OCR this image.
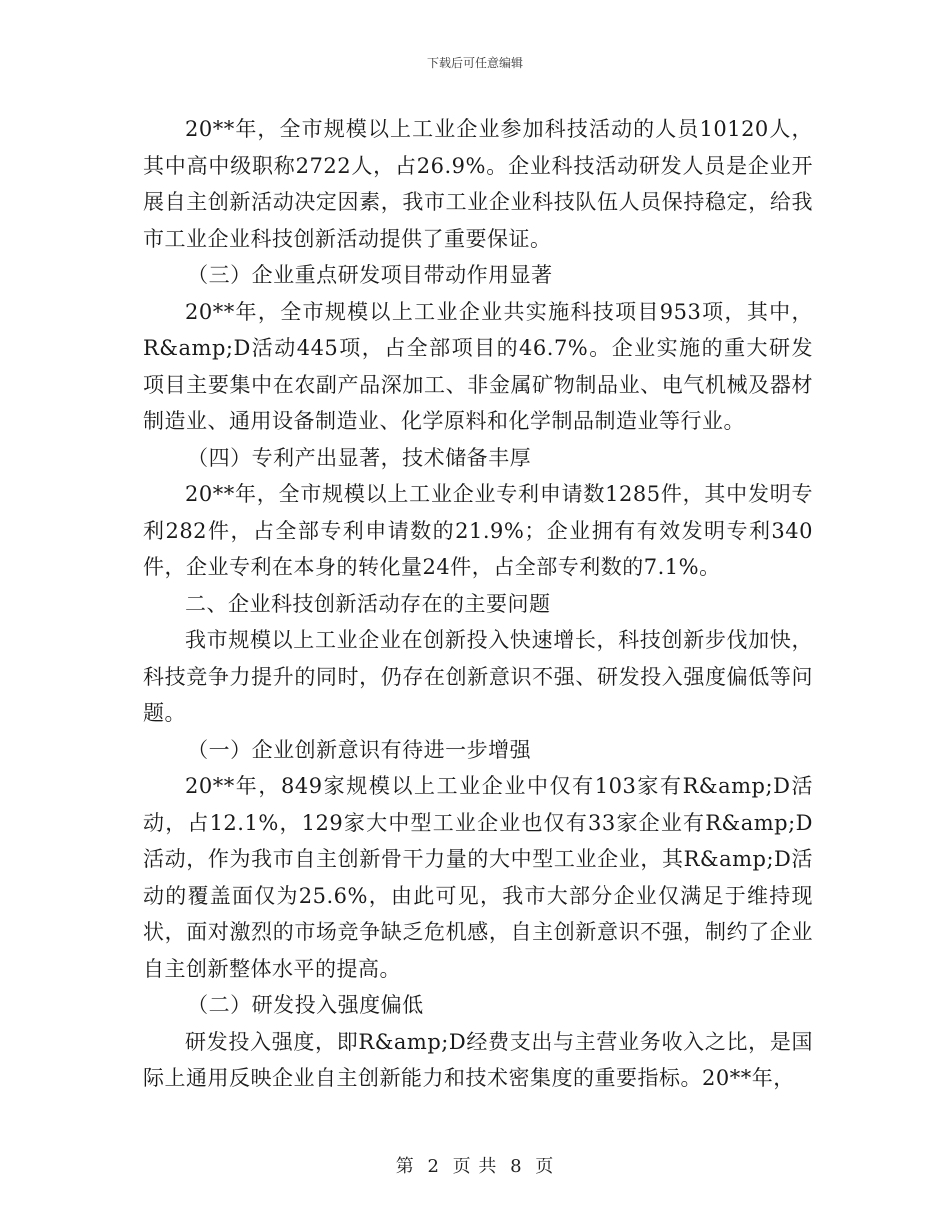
下载后可任意编辑

20**年，全市规模以上工业企业参加科技活动的人员10120人，其中高中级职称2722人，占26.9%。企业科技活动研发人员是企业开展自主创新活动决定因素，我市工业企业科技队伍人员保持稳定，给我市工业企业科技创新活动提供了重要保证。

（三）企业重点研发项目带动作用显著

20**年，全市规模以上工业企业共实施科技项目953项，其中，R&amp;D活动445项，占全部项目的46.7%。企业实施的重大研发项目主要集中在农副产品深加工、非金属矿物制品业、电气机械及器材制造业、通用设备制造业、化学原料和化学制品制造业等行业。

（四）专利产出显著，技术储备丰厚

20**年，全市规模以上工业企业专利申请数1285件，其中发明专利282件，占全部专利申请数的21.9%；企业拥有有效发明专利340件，企业专利在本身的转化量24件，占全部专利数的7.1%。

二、企业科技创新活动存在的主要问题

我市规模以上工业企业在创新投入快速增长，科技创新步伐加快，科技竞争力提升的同时，仍存在创新意识不强、研发投入强度偏低等问题。

（一）企业创新意识有待进一步增强

20**年，849家规模以上工业企业中仅有103家有R&amp;D活动，占12.1%，129家大中型工业企业也仅有33家企业有R&amp;D活动，作为我市自主创新骨干力量的大中型工业企业，其R&amp;D活动的覆盖面仅为25.6%，由此可见，我市大部分企业仅满足于维持现状，面对激烈的市场竞争缺乏危机感，自主创新意识不强，制约了企业自主创新整体水平的提高。

（二）研发投入强度偏低

研发投入强度，即R&amp;D经费支出与主营业务收入之比，是国际上通用反映企业自主创新能力和技术密集度的重要指标。20**年，

第 2 页 共 8 页
